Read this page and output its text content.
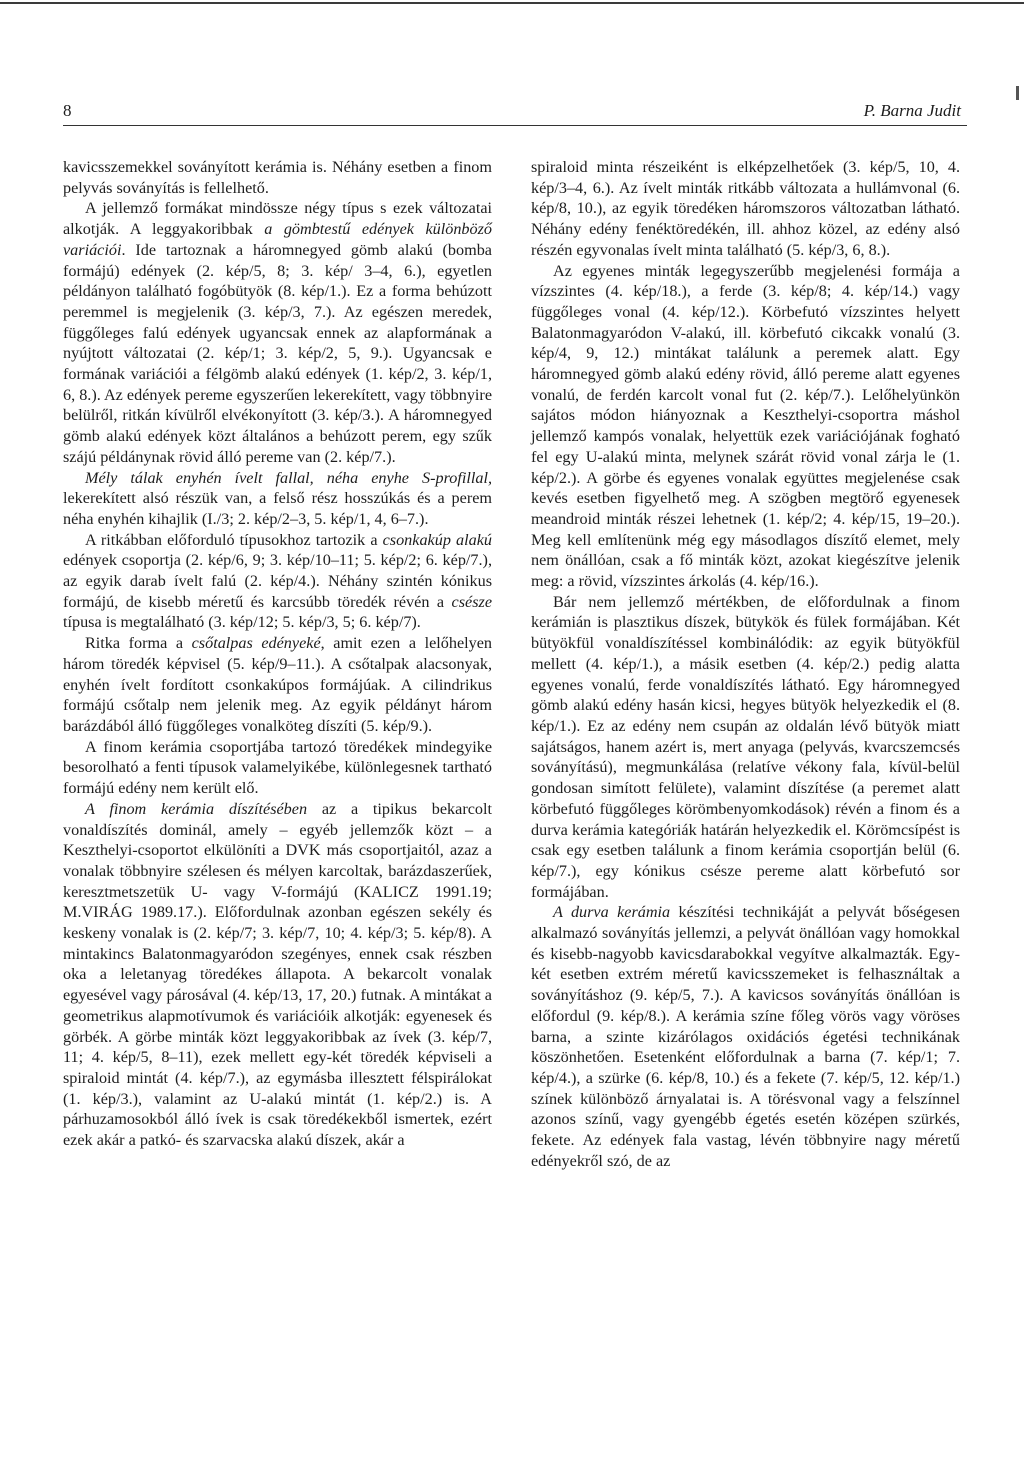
8	P. Barna Judit

kavicsszemekkel soványított kerámia is. Néhány esetben a finom pelyvás soványítás is fellelhető.

A jellemző formákat mindössze négy típus s ezek változatai alkotják. A leggyakoribbak a gömbtestű edények különböző variációi. Ide tartoznak a háromnegyed gömb alakú (bomba formájú) edények (2. kép/5, 8; 3. kép/ 3–4, 6.), egyetlen példányon található fogóbütyök (8. kép/1.). Ez a forma behúzott peremmel is megjelenik (3. kép/3, 7.). Az egészen meredek, függőleges falú edények ugyancsak ennek az alapformának a nyújtott változatai (2. kép/1; 3. kép/2, 5, 9.). Ugyancsak e formának variációi a félgömb alakú edények (1. kép/2, 3. kép/1, 6, 8.). Az edények pereme egyszerűen lekerekített, vagy többnyire belülről, ritkán kívülről elvékonyított (3. kép/3.). A háromnegyed gömb alakú edények közt általános a behúzott perem, egy szűk szájú példánynak rövid álló pereme van (2. kép/7.).

Mély tálak enyhén ívelt fallal, néha enyhe S-profillal, lekerekített alsó részük van, a felső rész hosszúkás és a perem néha enyhén kihajlik (I./3; 2. kép/2–3, 5. kép/1, 4, 6–7.).

A ritkábban előforduló típusokhoz tartozik a csonkakúp alakú edények csoportja (2. kép/6, 9; 3. kép/10–11; 5. kép/2; 6. kép/7.), az egyik darab ívelt falú (2. kép/4.). Néhány szintén kónikus formájú, de kisebb méretű és karcsúbb töredék révén a csésze típusa is megtalálható (3. kép/12; 5. kép/3, 5; 6. kép/7).

Ritka forma a csőtalpas edényeké, amit ezen a lelőhelyen három töredék képvisel (5. kép/9–11.). A csőtalpak alacsonyak, enyhén ívelt fordított csonkakúpos formájúak. A cilindrikus formájú csőtalp nem jelenik meg. Az egyik példányt három barázdából álló függőleges vonalköteg díszíti (5. kép/9.).

A finom kerámia csoportjába tartozó töredékek mindegyike besorolható a fenti típusok valamelyikébe, különlegesnek tartható formájú edény nem került elő.

A finom kerámia díszítésében az a tipikus bekarcolt vonaldíszítés dominál, amely – egyéb jellemzők közt – a Keszthelyi-csoportot elkülöníti a DVK más csoportjaitól, azaz a vonalak többnyire szélesen és mélyen karcoltak, barázdaszerűek, keresztmetszetük U- vagy V-formájú (KALICZ 1991.19; M.VIRÁG 1989.17.). Előfordulnak azonban egészen sekély és keskeny vonalak is (2. kép/7; 3. kép/7, 10; 4. kép/3; 5. kép/8). A mintakincs Balatonmagyaródon szegényes, ennek csak részben oka a leletanyag töredékes állapota. A bekarcolt vonalak egyesével vagy párosával (4. kép/13, 17, 20.) futnak. A mintákat a geometrikus alapmotívumok és variációik alkotják: egyenesek és görbék. A görbe minták közt leggyakoribbak az ívek (3. kép/7, 11; 4. kép/5, 8–11), ezek mellett egy-két töredék képviseli a spiraloid mintát (4. kép/7.), az egymásba illesztett félspirálokat (1. kép/3.), valamint az U-alakú mintát (1. kép/2.) is. A párhuzamosokból álló ívek is csak töredékekből ismertek, ezért ezek akár a patkó- és szarvacska alakú díszek, akár a

spiraloid minta részeiként is elképzelhetőek (3. kép/5, 10, 4. kép/3–4, 6.). Az ívelt minták ritkább változata a hullámvonal (6. kép/8, 10.), az egyik töredéken háromszoros változatban látható. Néhány edény fenéktöredékén, ill. ahhoz közel, az edény alsó részén egyvonalas ívelt minta található (5. kép/3, 6, 8.).

Az egyenes minták legegyszerűbb megjelenési formája a vízszintes (4. kép/18.), a ferde (3. kép/8; 4. kép/14.) vagy függőleges vonal (4. kép/12.). Körbefutó vízszintes helyett Balatonmagyaródon V-alakú, ill. körbefutó cikcakk vonalú (3. kép/4, 9, 12.) mintákat találunk a peremek alatt. Egy háromnegyed gömb alakú edény rövid, álló pereme alatt egyenes vonalú, de ferdén karcolt vonal fut (2. kép/7.). Lelőhelyünkön sajátos módon hiányoznak a Keszthelyi-csoportra máshol jellemző kampós vonalak, helyettük ezek variációjának fogható fel egy U-alakú minta, melynek szárát rövid vonal zárja le (1. kép/2.). A görbe és egyenes vonalak együttes megjelenése csak kevés esetben figyelhető meg. A szögben megtörő egyenesek meandroid minták részei lehetnek (1. kép/2; 4. kép/15, 19–20.). Meg kell említenünk még egy másodlagos díszítő elemet, mely nem önállóan, csak a fő minták közt, azokat kiegészítve jelenik meg: a rövid, vízszintes árkolás (4. kép/16.).

Bár nem jellemző mértékben, de előfordulnak a finom kerámián is plasztikus díszek, bütykök és fülek formájában. Két bütyökfül vonaldíszítéssel kombinálódik: az egyik bütyökfül mellett (4. kép/1.), a másik esetben (4. kép/2.) pedig alatta egyenes vonalú, ferde vonaldíszítés látható. Egy háromnegyed gömb alakú edény hasán kicsi, hegyes bütyök helyezkedik el (8. kép/1.). Ez az edény nem csupán az oldalán lévő bütyök miatt sajátságos, hanem azért is, mert anyaga (pelyvás, kvarcszemcsés soványítású), megmunkálása (relatíve vékony fala, kívül-belül gondosan simított felülete), valamint díszítése (a peremet alatt körbefutó függőleges körömbenyomkodások) révén a finom és a durva kerámia kategóriák határán helyezkedik el. Körömcsípést is csak egy esetben találunk a finom kerámia csoportján belül (6. kép/7.), egy kónikus csésze pereme alatt körbefutó sor formájában.

A durva kerámia készítési technikáját a pelyvát bőségesen alkalmazó soványítás jellemzi, a pelyvát önállóan vagy homokkal és kisebb-nagyobb kavicsdarabokkal vegyítve alkalmazták. Egy-két esetben extrém méretű kavicsszemeket is felhasználtak a soványításhoz (9. kép/5, 7.). A kavicsos soványítás önállóan is előfordul (9. kép/8.). A kerámia színe főleg vörös vagy vöröses barna, a szinte kizárólagos oxidációs égetési technikának köszönhetően. Esetenként előfordulnak a barna (7. kép/1; 7. kép/4.), a szürke (6. kép/8, 10.) és a fekete (7. kép/5, 12. kép/1.) színek különböző árnyalatai is. A törésvonal vagy a felszínnel azonos színű, vagy gyengébb égetés esetén középen szürkés, fekete. Az edények fala vastag, lévén többnyire nagy méretű edényekről szó, de az
